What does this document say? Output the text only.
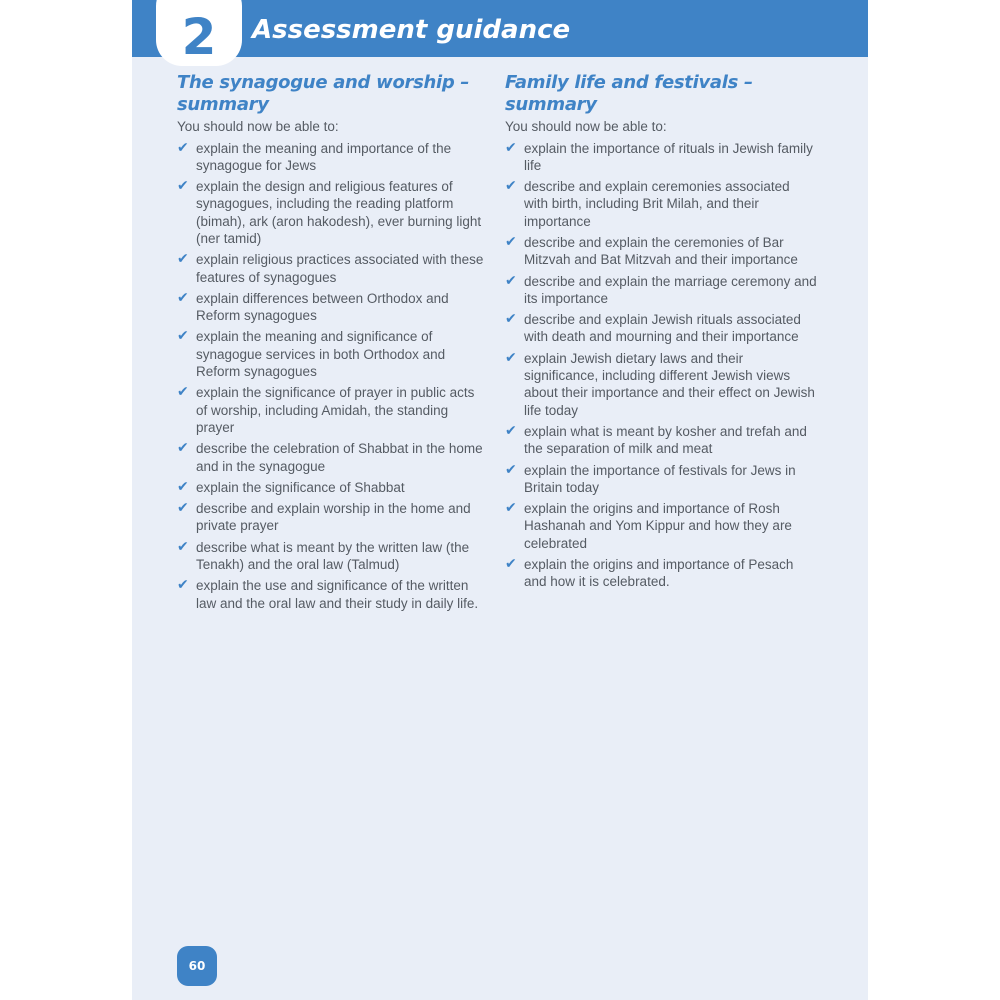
2	Assessment guidance
The synagogue and worship – summary

You should now be able to:

✔ explain the meaning and importance of the synagogue for Jews
✔ explain the design and religious features of synagogues, including the reading platform (bimah), ark (aron hakodesh), ever burning light (ner tamid)
✔ explain religious practices associated with these features of synagogues
✔ explain differences between Orthodox and Reform synagogues
✔ explain the meaning and significance of synagogue services in both Orthodox and Reform synagogues
✔ explain the significance of prayer in public acts of worship, including Amidah, the standing prayer
✔ describe the celebration of Shabbat in the home and in the synagogue
✔ explain the significance of Shabbat
✔ describe and explain worship in the home and private prayer
✔ describe what is meant by the written law (the Tenakh) and the oral law (Talmud)
✔ explain the use and significance of the written law and the oral law and their study in daily life.
Family life and festivals – summary

You should now be able to:

✔ explain the importance of rituals in Jewish family life
✔ describe and explain ceremonies associated with birth, including Brit Milah, and their importance
✔ describe and explain the ceremonies of Bar Mitzvah and Bat Mitzvah and their importance
✔ describe and explain the marriage ceremony and its importance
✔ describe and explain Jewish rituals associated with death and mourning and their importance
✔ explain Jewish dietary laws and their significance, including different Jewish views about their importance and their effect on Jewish life today
✔ explain what is meant by kosher and trefah and the separation of milk and meat
✔ explain the importance of festivals for Jews in Britain today
✔ explain the origins and importance of Rosh Hashanah and Yom Kippur and how they are celebrated
✔ explain the origins and importance of Pesach and how it is celebrated.
60
